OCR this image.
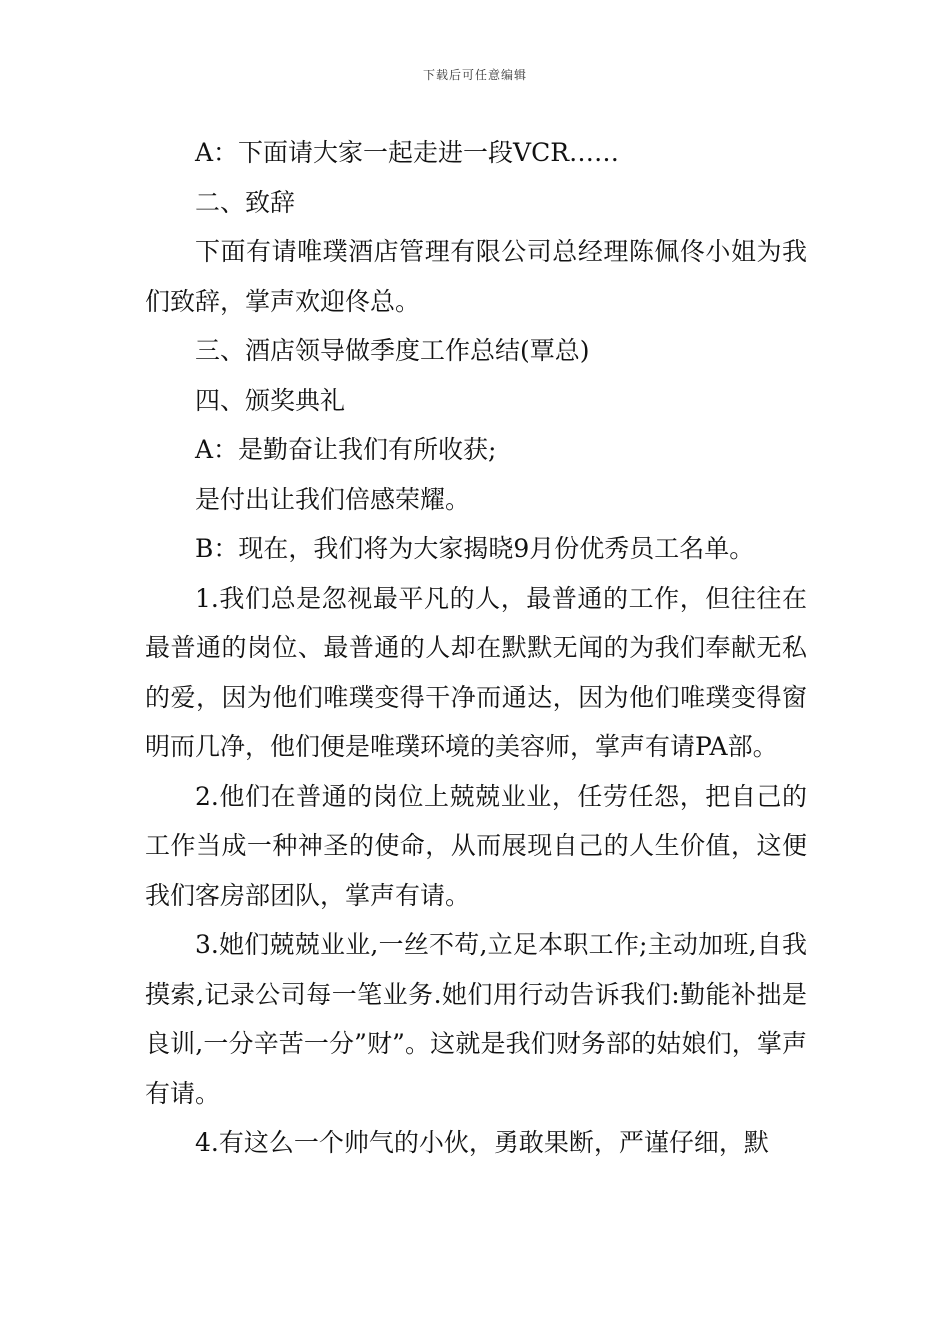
下载后可任意编辑

A：下面请大家一起走进一段VCR……

二、致辞

下面有请唯璞酒店管理有限公司总经理陈佩佟小姐为我们致辞，掌声欢迎佟总。

三、酒店领导做季度工作总结(覃总)

四、颁奖典礼

A：是勤奋让我们有所收获;

是付出让我们倍感荣耀。

B：现在，我们将为大家揭晓9月份优秀员工名单。

1.我们总是忽视最平凡的人，最普通的工作，但往往在最普通的岗位、最普通的人却在默默无闻的为我们奉献无私的爱，因为他们唯璞变得干净而通达，因为他们唯璞变得窗明而几净，他们便是唯璞环境的美容师，掌声有请PA部。

2.他们在普通的岗位上兢兢业业，任劳任怨，把自己的工作当成一种神圣的使命，从而展现自己的人生价值，这便我们客房部团队，掌声有请。

3.她们兢兢业业,一丝不苟,立足本职工作;主动加班,自我摸索,记录公司每一笔业务.她们用行动告诉我们:勤能补拙是良训,一分辛苦一分”财”。这就是我们财务部的姑娘们，掌声有请。

4.有这么一个帅气的小伙，勇敢果断，严谨仔细，默
